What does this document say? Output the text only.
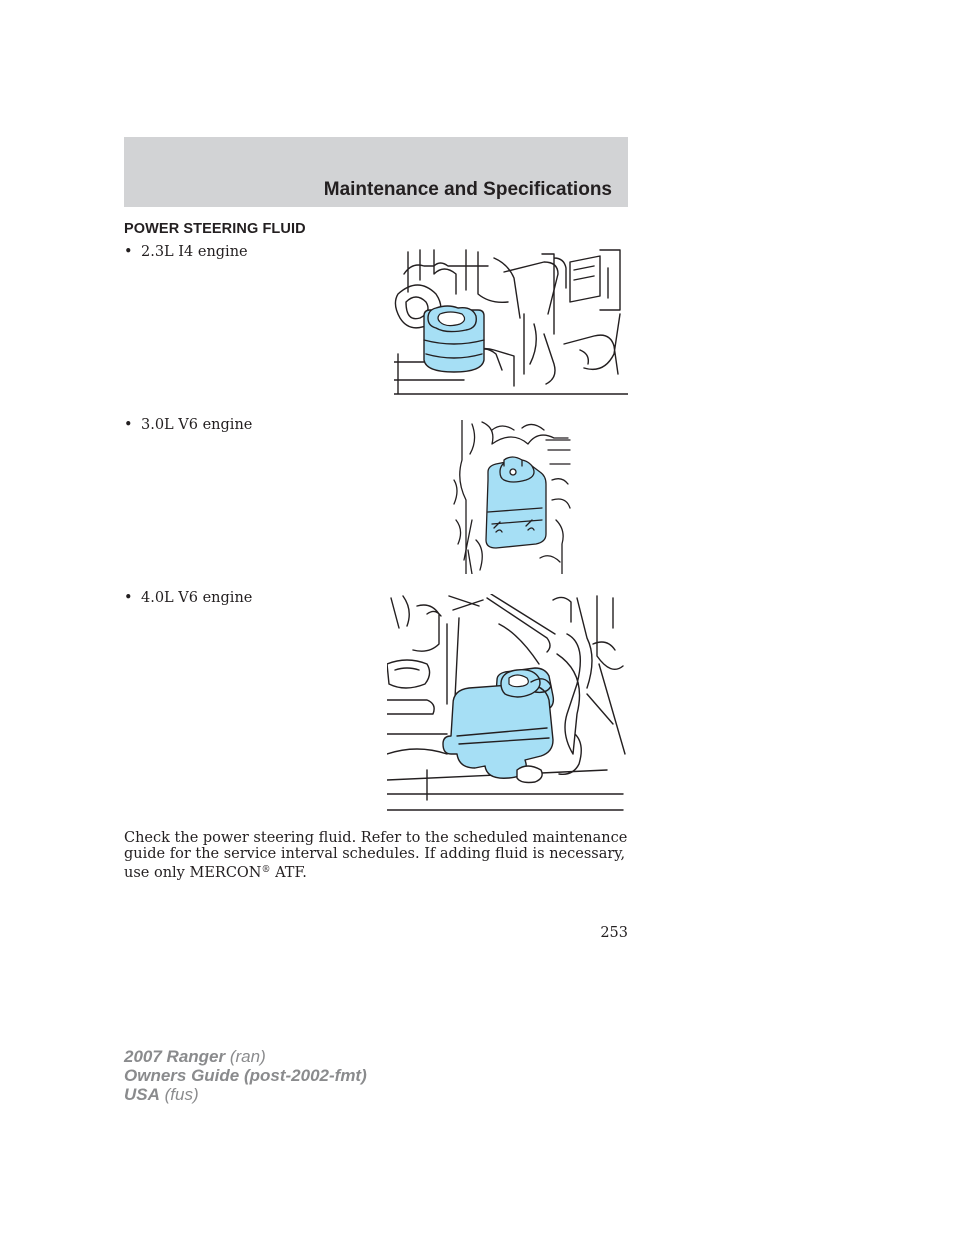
Maintenance and Specifications
POWER STEERING FLUID
• 2.3L I4 engine
• 3.0L V6 engine
• 4.0L V6 engine
Check the power steering fluid. Refer to the scheduled maintenance guide for the service interval schedules. If adding fluid is necessary, use only MERCON® ATF.
253
2007 Ranger (ran)
Owners Guide (post-2002-fmt)
USA (fus)
